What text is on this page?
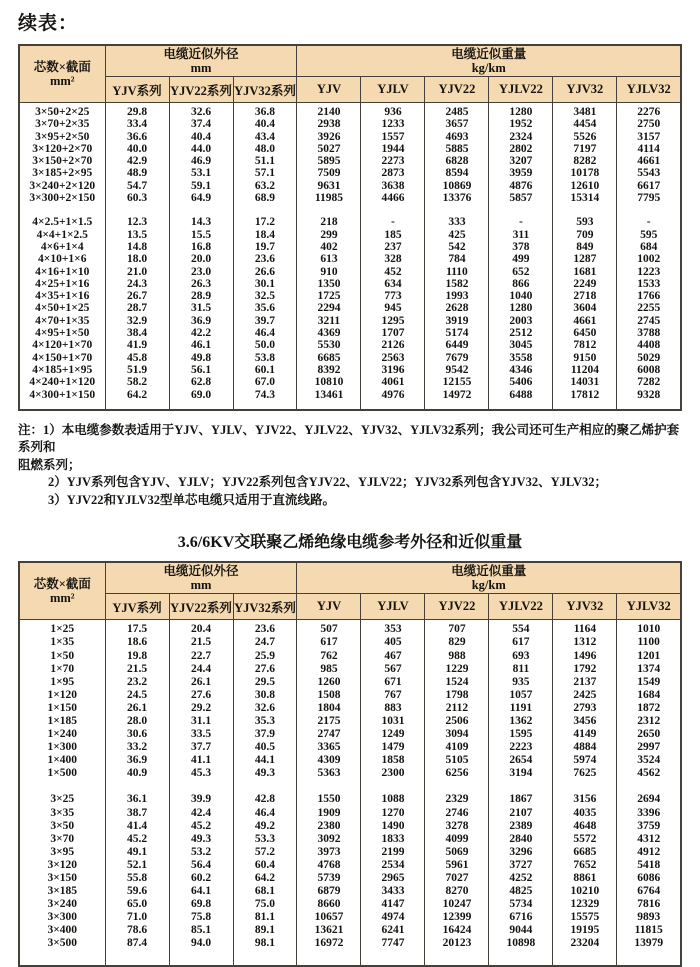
续表：
芯数×截面
mm²

电缆近似外径
mm

电缆近似重量
kg/km

	YJV系列	YJV22系列	YJV32系列	YJV	YJLV	YJV22	YJLV22	YJV32	YJLV32

3×50+2×25	29.8	32.6	36.8	2140	936	2485	1280	3481	2276
3×70+2×35	33.4	37.4	40.4	2938	1233	3657	1952	4454	2750
3×95+2×50	36.6	40.4	43.4	3926	1557	4693	2324	5526	3157
3×120+2×70	40.0	44.0	48.0	5027	1944	5885	2802	7197	4114
3×150+2×70	42.9	46.9	51.1	5895	2273	6828	3207	8282	4661
3×185+2×95	48.9	53.1	57.1	7509	2873	8594	3959	10178	5543
3×240+2×120	54.7	59.1	63.2	9631	3638	10869	4876	12610	6617
3×300+2×150	60.3	64.9	68.9	11985	4466	13376	5857	15314	7795

4×2.5+1×1.5	12.3	14.3	17.2	218	-	333	-	593	-
4×4+1×2.5	13.5	15.5	18.4	299	185	425	311	709	595
4×6+1×4	14.8	16.8	19.7	402	237	542	378	849	684
4×10+1×6	18.0	20.0	23.6	613	328	784	499	1287	1002
4×16+1×10	21.0	23.0	26.6	910	452	1110	652	1681	1223
4×25+1×16	24.3	26.3	30.1	1350	634	1582	866	2249	1533
4×35+1×16	26.7	28.9	32.5	1725	773	1993	1040	2718	1766
4×50+1×25	28.7	31.5	35.6	2294	945	2628	1280	3604	2255
4×70+1×35	32.9	36.9	39.7	3211	1295	3919	2003	4661	2745
4×95+1×50	38.4	42.2	46.4	4369	1707	5174	2512	6450	3788
4×120+1×70	41.9	46.1	50.0	5530	2126	6449	3045	7812	4408
4×150+1×70	45.8	49.8	53.8	6685	2563	7679	3558	9150	5029
4×185+1×95	51.9	56.1	60.1	8392	3196	9542	4346	11204	6008
4×240+1×120	58.2	62.8	67.0	10810	4061	12155	5406	14031	7282
4×300+1×150	64.2	69.0	74.3	13461	4976	14972	6488	17812	9328

注：1）本电缆参数表适用于YJV、YJLV、YJV22、YJLV22、YJV32、YJLV32系列；我公司还可生产相应的聚乙烯护套系列和
阻燃系列；
2）YJV系列包含YJV、YJLV；YJV22系列包含YJV22、YJLV22；YJV32系列包含YJV32、YJLV32；
3）YJV22和YJLV32型单芯电缆只适用于直流线路。
3.6/6KV交联聚乙烯绝缘电缆参考外径和近似重量
芯数×截面
mm²

电缆近似外径
mm

电缆近似重量
kg/km

	YJV系列	YJV22系列	YJV32系列	YJV	YJLV	YJV22	YJLV22	YJV32	YJLV32

1×25	17.5	20.4	23.6	507	353	707	554	1164	1010
1×35	18.6	21.5	24.7	617	405	829	617	1312	1100
1×50	19.8	22.7	25.9	762	467	988	693	1496	1201
1×70	21.5	24.4	27.6	985	567	1229	811	1792	1374
1×95	23.2	26.1	29.5	1260	671	1524	935	2137	1549
1×120	24.5	27.6	30.8	1508	767	1798	1057	2425	1684
1×150	26.1	29.2	32.6	1804	883	2112	1191	2793	1872
1×185	28.0	31.1	35.3	2175	1031	2506	1362	3456	2312
1×240	30.6	33.5	37.9	2747	1249	3094	1595	4149	2650
1×300	33.2	37.7	40.5	3365	1479	4109	2223	4884	2997
1×400	36.9	41.1	44.1	4309	1858	5105	2654	5974	3524
1×500	40.9	45.3	49.3	5363	2300	6256	3194	7625	4562

3×25	36.1	39.9	42.8	1550	1088	2329	1867	3156	2694
3×35	38.7	42.4	46.4	1909	1270	2746	2107	4035	3396
3×50	41.4	45.2	49.2	2380	1490	3278	2389	4648	3759
3×70	45.2	49.3	53.3	3092	1833	4099	2840	5572	4312
3×95	49.1	53.2	57.2	3973	2199	5069	3296	6685	4912
3×120	52.1	56.4	60.4	4768	2534	5961	3727	7652	5418
3×150	55.8	60.2	64.2	5739	2965	7027	4252	8861	6086
3×185	59.6	64.1	68.1	6879	3433	8270	4825	10210	6764
3×240	65.0	69.8	75.0	8660	4147	10247	5734	12329	7816
3×300	71.0	75.8	81.1	10657	4974	12399	6716	15575	9893
3×400	78.6	85.1	89.1	13621	6241	16424	9044	19195	11815
3×500	87.4	94.0	98.1	16972	7747	20123	10898	23204	13979
